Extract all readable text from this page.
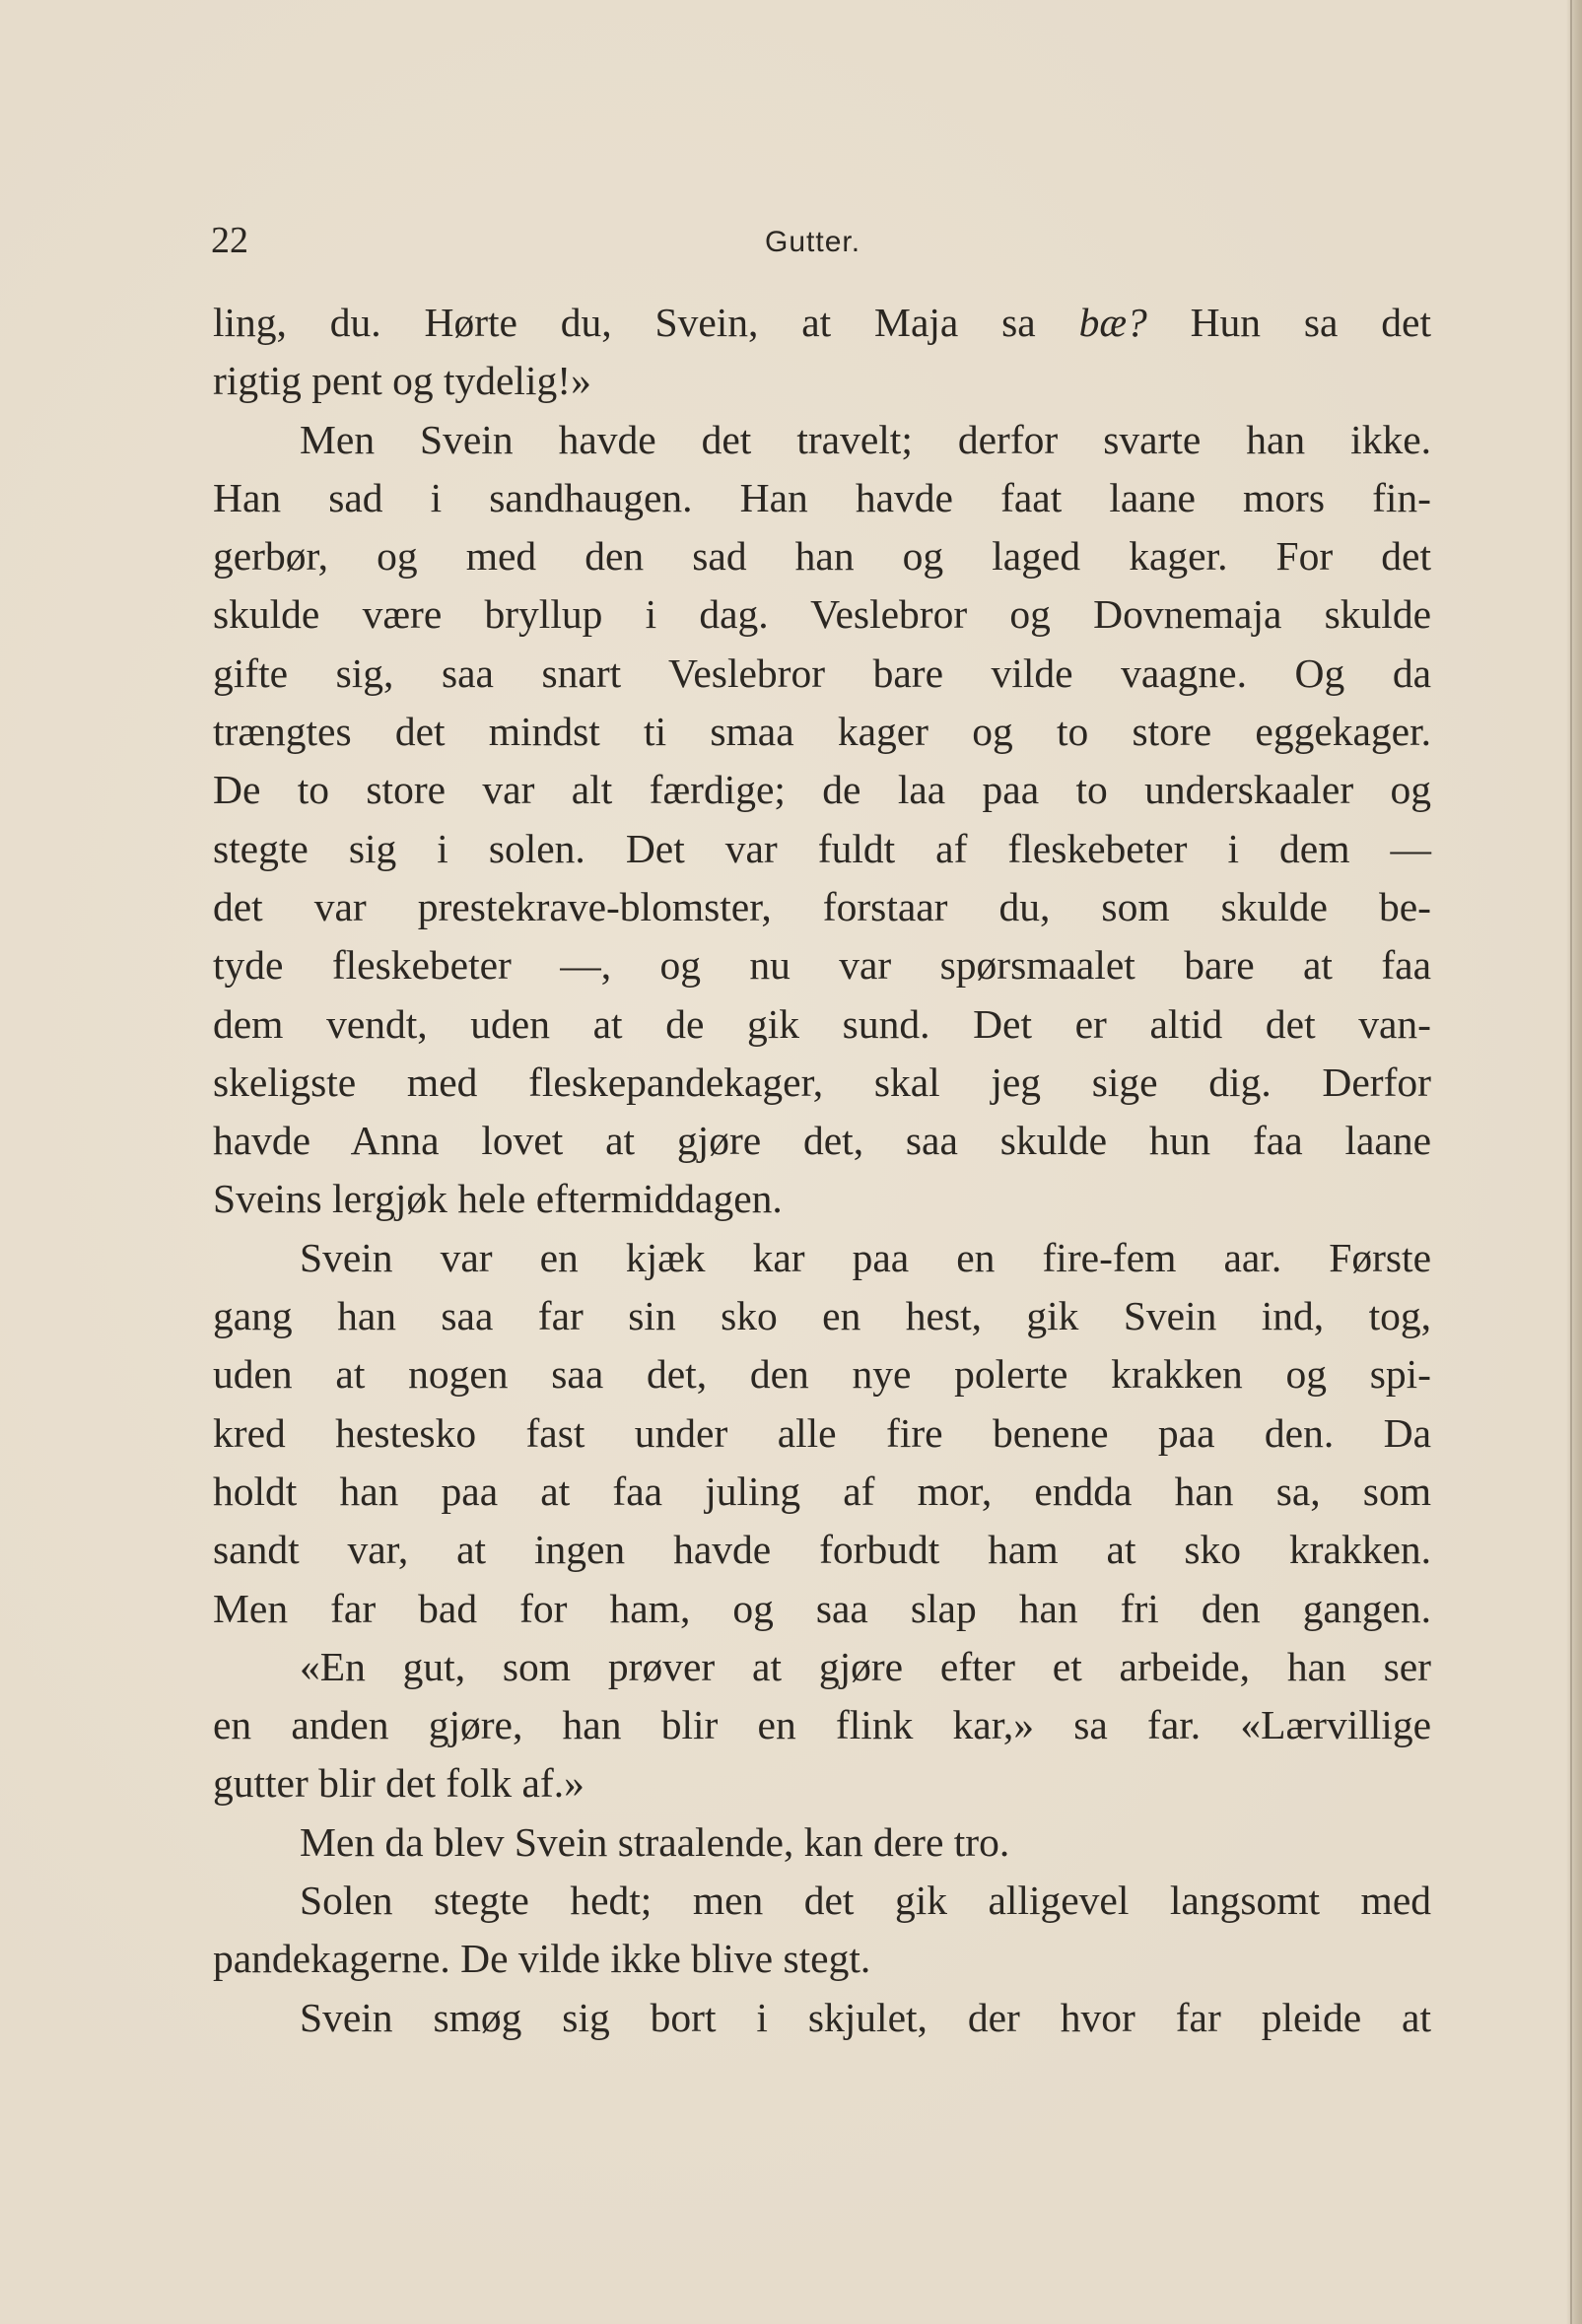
22	Gutter.
ling, du. Hørte du, Svein, at Maja sa bæ? Hun sa det
rigtig pent og tydelig!»
Men Svein havde det travelt; derfor svarte han ikke.
Han sad i sandhaugen. Han havde faat laane mors fin-
gerbør, og med den sad han og laged kager. For det
skulde være bryllup i dag. Veslebror og Dovnemaja skulde
gifte sig, saa snart Veslebror bare vilde vaagne. Og da
trængtes det mindst ti smaa kager og to store eggekager.
De to store var alt færdige; de laa paa to underskaaler og
stegte sig i solen. Det var fuldt af fleskebeter i dem —
det var prestekrave-blomster, forstaar du, som skulde be-
tyde fleskebeter —, og nu var spørsmaalet bare at faa
dem vendt, uden at de gik sund. Det er altid det van-
skeligste med fleskepandekager, skal jeg sige dig. Derfor
havde Anna lovet at gjøre det, saa skulde hun faa laane
Sveins lergjøk hele eftermiddagen.
Svein var en kjæk kar paa en fire-fem aar. Første
gang han saa far sin sko en hest, gik Svein ind, tog,
uden at nogen saa det, den nye polerte krakken og spi-
kred hestesko fast under alle fire benene paa den. Da
holdt han paa at faa juling af mor, endda han sa, som
sandt var, at ingen havde forbudt ham at sko krakken.
Men far bad for ham, og saa slap han fri den gangen.
«En gut, som prøver at gjøre efter et arbeide, han ser
en anden gjøre, han blir en flink kar,» sa far. «Lærvillige
gutter blir det folk af.»
Men da blev Svein straalende, kan dere tro.
Solen stegte hedt; men det gik alligevel langsomt med
pandekagerne. De vilde ikke blive stegt.
Svein smøg sig bort i skjulet, der hvor far pleide at
